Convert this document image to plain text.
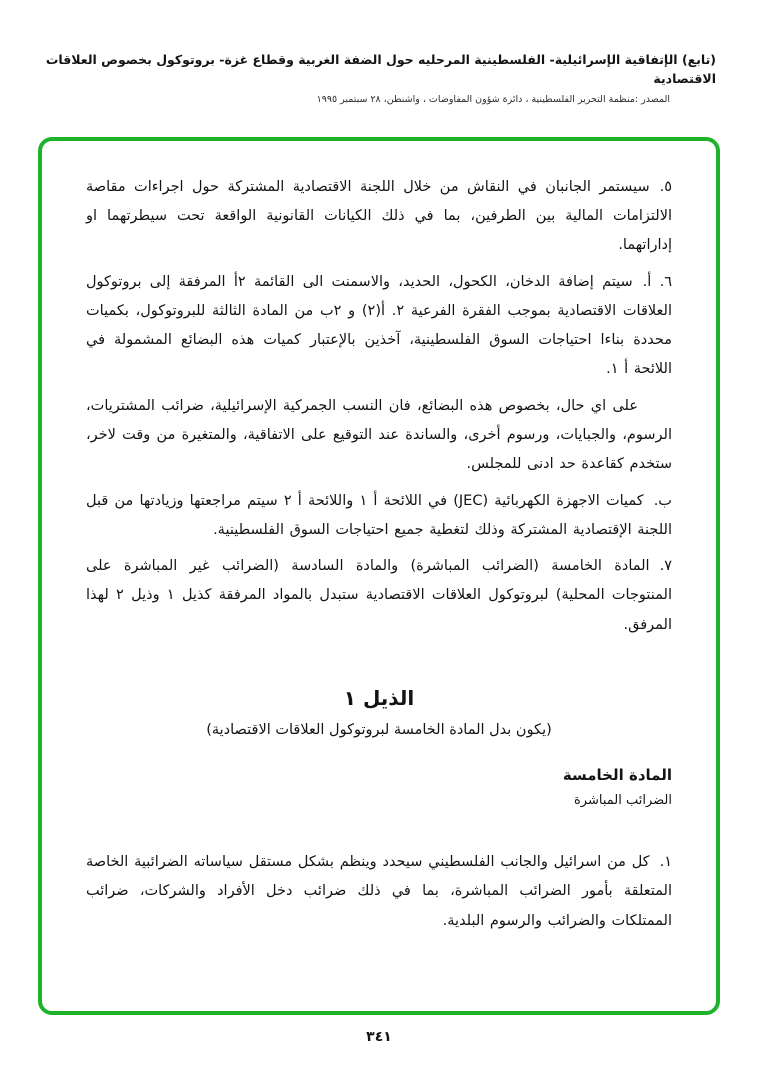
(تابع) الإتفاقية الإسرائيلية- الفلسطينية المرحليه حول الضفة الغربية وقطاع غزة- بروتوكول بخصوص العلاقات الاقتصادية
المصدر :منظمة التحرير الفلسطينية ، دائرة شؤون المفاوضات ، واشنطن، ٢٨ سبتمبر ١٩٩٥

٥.سيستمر الجانبان في النقاش من خلال اللجنة الاقتصادية المشتركة حول اجراءات مقاصة الالتزامات المالية بين الطرفين، بما في ذلك الكيانات القانونية الواقعة تحت سيطرتهما او إداراتهما.

٦. أ.سيتم إضافة الدخان، الكحول، الحديد، والاسمنت الى القائمة ٢أ المرفقة إلى بروتوكول العلاقات الاقتصادية بموجب الفقرة الفرعية ٢. أ(٢) و ٢ب من المادة الثالثة للبروتوكول، بكميات محددة بناءا احتياجات السوق الفلسطينية، آخذين بالإعتبار كميات هذه البضائع المشمولة في اللائحة أ ١.

على اي حال، بخصوص هذه البضائع، فان النسب الجمركية الإسرائيلية، ضرائب المشتريات، الرسوم، والجبايات، ورسوم أخرى، والساندة عند التوقيع على الاتفاقية، والمتغيرة من وقت لاخر، ستخدم كقاعدة حد ادنى للمجلس.

ب.كميات الاجهزة الكهربائية (JEC) في اللائحة أ ١ واللائحة أ ٢ سيتم مراجعتها وزيادتها من قبل اللجنة الإقتصادية المشتركة وذلك لتغطية جميع احتياجات السوق الفلسطينية.

٧.المادة الخامسة (الضرائب المباشرة) والمادة السادسة (الضرائب غير المباشرة على المنتوجات المحلية) لبروتوكول العلاقات الاقتصادية ستبدل بالمواد المرفقة كذيل ١ وذيل ٢ لهذا المرفق.

الذيل ١
(يكون بدل المادة الخامسة لبروتوكول العلاقات الاقتصادية)
المادة الخامسة
الضرائب المباشرة

١.كل من اسرائيل والجانب الفلسطيني سيحدد وينظم بشكل مستقل سياساته الضرائبية الخاصة المتعلقة بأمور الضرائب المباشرة، بما في ذلك ضرائب دخل الأفراد والشركات، ضرائب الممتلكات والضرائب والرسوم البلدية.

٣٤١
